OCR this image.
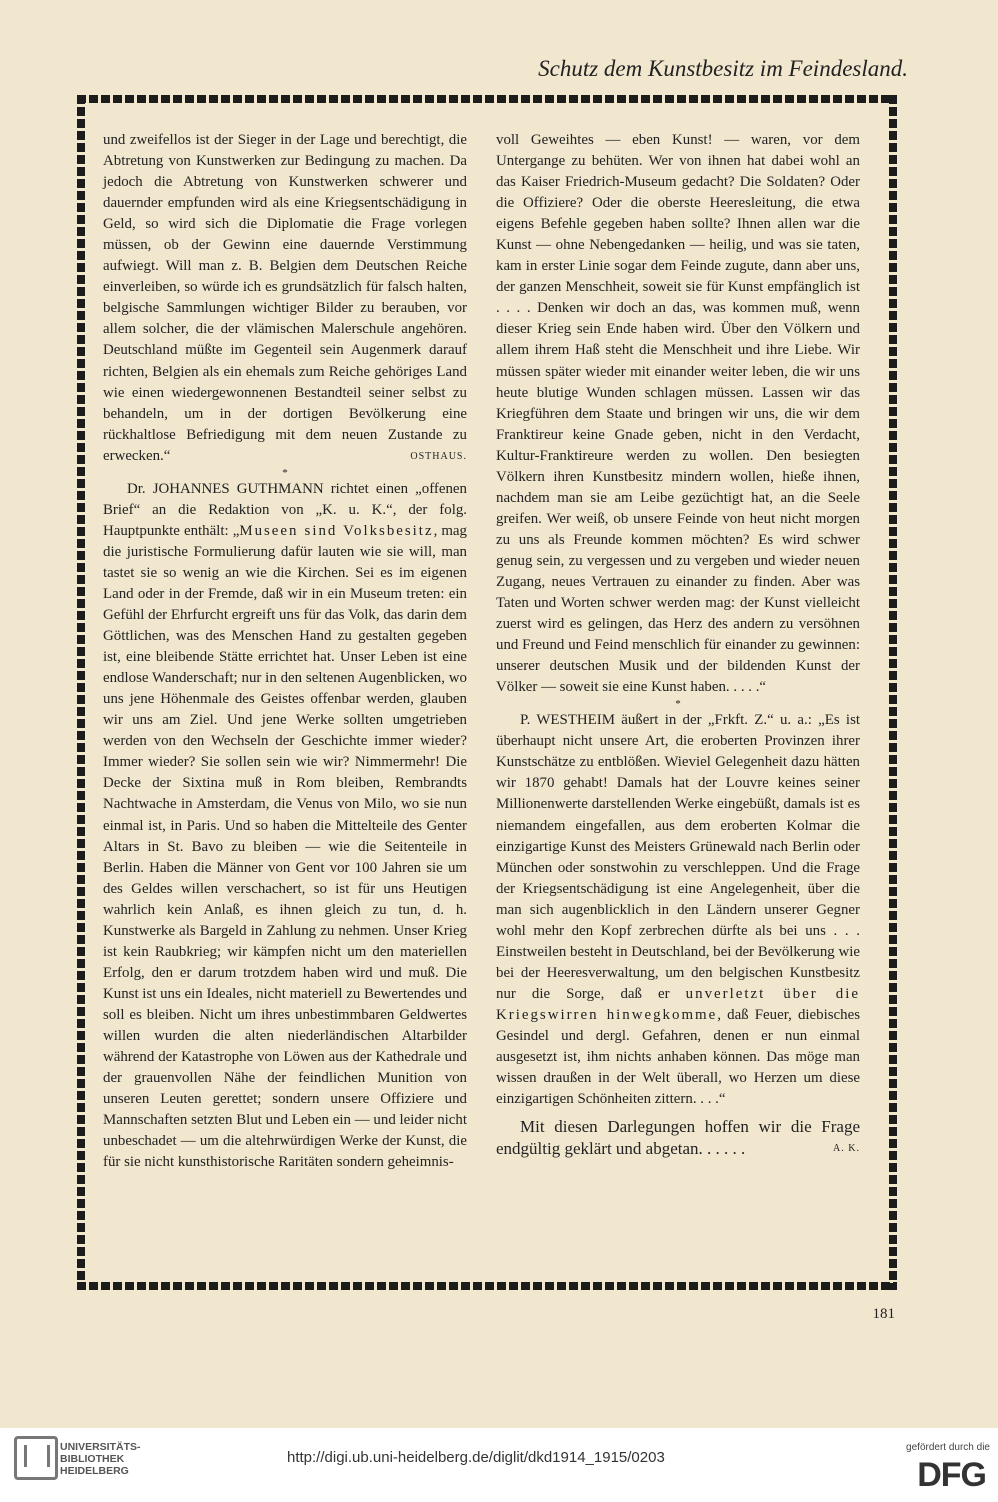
Schutz dem Kunstbesitz im Feindesland.

und zweifellos ist der Sieger in der Lage und berechtigt, die Abtretung von Kunstwerken zur Bedingung zu machen. Da jedoch die Abtretung von Kunstwerken schwerer und dauernder empfunden wird als eine Kriegsentschädigung in Geld, so wird sich die Diplomatie die Frage vorlegen müssen, ob der Gewinn eine dauernde Verstimmung aufwiegt. Will man z. B. Belgien dem Deutschen Reiche einverleiben, so würde ich es grundsätzlich für falsch halten, belgische Sammlungen wichtiger Bilder zu berauben, vor allem solcher, die der vlämischen Malerschule angehören. Deutschland müßte im Gegenteil sein Augenmerk darauf richten, Belgien als ein ehemals zum Reiche gehöriges Land wie einen wiedergewonnenen Bestandteil seiner selbst zu behandeln, um in der dortigen Bevölkerung eine rückhaltlose Befriedigung mit dem neuen Zustande zu erwecken.“	OSTHAUS.

*

Dr. JOHANNES GUTHMANN richtet einen „offenen Brief“ an die Redaktion von „K. u. K.“, der folg. Hauptpunkte enthält: „Museen sind Volksbesitz, mag die juristische Formulierung dafür lauten wie sie will, man tastet sie so wenig an wie die Kirchen. Sei es im eigenen Land oder in der Fremde, daß wir in ein Museum treten: ein Gefühl der Ehrfurcht ergreift uns für das Volk, das darin dem Göttlichen, was des Menschen Hand zu gestalten gegeben ist, eine bleibende Stätte errichtet hat. Unser Leben ist eine endlose Wanderschaft; nur in den seltenen Augenblicken, wo uns jene Höhenmale des Geistes offenbar werden, glauben wir uns am Ziel. Und jene Werke sollten umgetrieben werden von den Wechseln der Geschichte immer wieder? Immer wieder? Sie sollen sein wie wir? Nimmermehr! Die Decke der Sixtina muß in Rom bleiben, Rembrandts Nachtwache in Amsterdam, die Venus von Milo, wo sie nun einmal ist, in Paris. Und so haben die Mittelteile des Genter Altars in St. Bavo zu bleiben — wie die Seitenteile in Berlin. Haben die Männer von Gent vor 100 Jahren sie um des Geldes willen verschachert, so ist für uns Heutigen wahrlich kein Anlaß, es ihnen gleich zu tun, d. h. Kunstwerke als Bargeld in Zahlung zu nehmen. Unser Krieg ist kein Raubkrieg; wir kämpfen nicht um den materiellen Erfolg, den er darum trotzdem haben wird und muß. Die Kunst ist uns ein Ideales, nicht materiell zu Bewertendes und soll es bleiben. Nicht um ihres unbestimmbaren Geldwertes willen wurden die alten niederländischen Altarbilder während der Katastrophe von Löwen aus der Kathedrale und der grauenvollen Nähe der feindlichen Munition von unseren Leuten gerettet; sondern unsere Offiziere und Mannschaften setzten Blut und Leben ein — und leider nicht unbeschadet — um die altehrwürdigen Werke der Kunst, die für sie nicht kunsthistorische Raritäten sondern geheimnis-

voll Geweihtes — eben Kunst! — waren, vor dem Untergange zu behüten. Wer von ihnen hat dabei wohl an das Kaiser Friedrich-Museum gedacht? Die Soldaten? Oder die Offiziere? Oder die oberste Heeresleitung, die etwa eigens Befehle gegeben haben sollte? Ihnen allen war die Kunst — ohne Nebengedanken — heilig, und was sie taten, kam in erster Linie sogar dem Feinde zugute, dann aber uns, der ganzen Menschheit, soweit sie für Kunst empfänglich ist . . . . Denken wir doch an das, was kommen muß, wenn dieser Krieg sein Ende haben wird. Über den Völkern und allem ihrem Haß steht die Menschheit und ihre Liebe. Wir müssen später wieder mit einander weiter leben, die wir uns heute blutige Wunden schlagen müssen. Lassen wir das Kriegführen dem Staate und bringen wir uns, die wir dem Franktireur keine Gnade geben, nicht in den Verdacht, Kultur-Franktireure werden zu wollen. Den besiegten Völkern ihren Kunstbesitz mindern wollen, hieße ihnen, nachdem man sie am Leibe gezüchtigt hat, an die Seele greifen. Wer weiß, ob unsere Feinde von heut nicht morgen zu uns als Freunde kommen möchten? Es wird schwer genug sein, zu vergessen und zu vergeben und wieder neuen Zugang, neues Vertrauen zu einander zu finden. Aber was Taten und Worten schwer werden mag: der Kunst vielleicht zuerst wird es gelingen, das Herz des andern zu versöhnen und Freund und Feind menschlich für einander zu gewinnen: unserer deutschen Musik und der bildenden Kunst der Völker — soweit sie eine Kunst haben. . . . .“

*

P. WESTHEIM äußert in der „Frkft. Z.“ u. a.: „Es ist überhaupt nicht unsere Art, die eroberten Provinzen ihrer Kunstschätze zu entblößen. Wieviel Gelegenheit dazu hätten wir 1870 gehabt! Damals hat der Louvre keines seiner Millionenwerte darstellenden Werke eingebüßt, damals ist es niemandem eingefallen, aus dem eroberten Kolmar die einzigartige Kunst des Meisters Grünewald nach Berlin oder München oder sonstwohin zu verschleppen. Und die Frage der Kriegsentschädigung ist eine Angelegenheit, über die man sich augenblicklich in den Ländern unserer Gegner wohl mehr den Kopf zerbrechen dürfte als bei uns . . . Einstweilen besteht in Deutschland, bei der Bevölkerung wie bei der Heeresverwaltung, um den belgischen Kunstbesitz nur die Sorge, daß er unverletzt über die Kriegswirren hinwegkomme, daß Feuer, diebisches Gesindel und dergl. Gefahren, denen er nun einmal ausgesetzt ist, ihm nichts anhaben können. Das möge man wissen draußen in der Welt überall, wo Herzen um diese einzigartigen Schönheiten zittern. . . .“

Mit diesen Darlegungen hoffen wir die Frage endgültig geklärt und abgetan. . . . . .	A. K.

181
UNIVERSITÄTS-
BIBLIOTHEK
HEIDELBERG
http://digi.ub.uni-heidelberg.de/diglit/dkd1914_1915/0203
gefördert durch die
DFG
